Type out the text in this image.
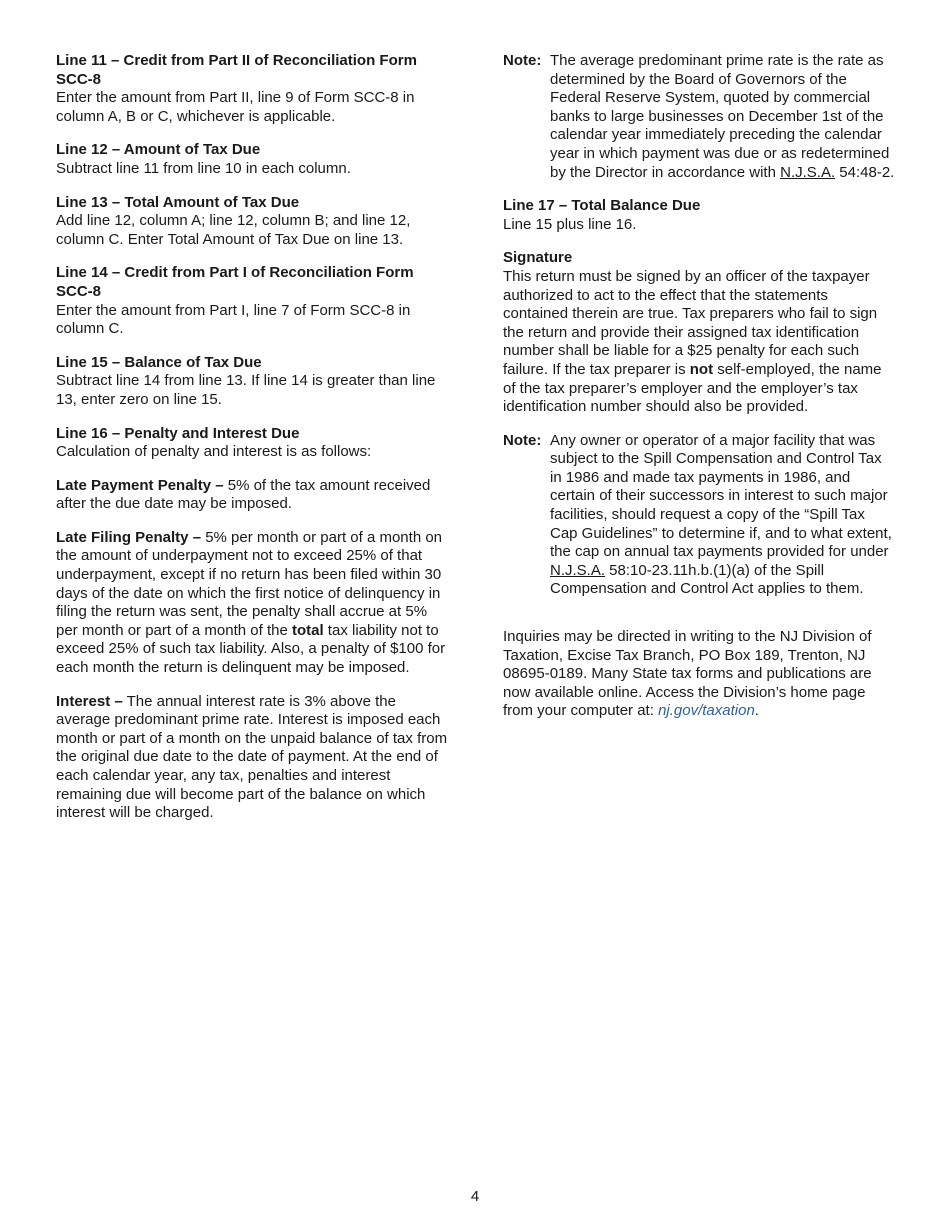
Line 11 – Credit from Part II of Reconciliation Form SCC-8

Enter the amount from Part II, line 9 of Form SCC-8 in column A, B or C, whichever is applicable.

Line 12 – Amount of Tax Due

Subtract line 11 from line 10 in each column.

Line 13 – Total Amount of Tax Due

Add line 12, column A; line 12, column B; and line 12, column C. Enter Total Amount of Tax Due on line 13.

Line 14 – Credit from Part I of Reconciliation Form SCC-8

Enter the amount from Part I, line 7 of Form SCC-8 in column C.

Line 15 – Balance of Tax Due

Subtract line 14 from line 13. If line 14 is greater than line 13, enter zero on line 15.

Line 16 – Penalty and Interest Due

Calculation of penalty and interest is as follows:

Late Payment Penalty – 5% of the tax amount received after the due date may be imposed.

Late Filing Penalty – 5% per month or part of a month on the amount of underpayment not to exceed 25% of that underpayment, except if no return has been filed within 30 days of the date on which the first notice of delinquency in filing the return was sent, the penalty shall accrue at 5% per month or part of a month of the total tax liability not to exceed 25% of such tax liability. Also, a penalty of $100 for each month the return is delinquent may be imposed.

Interest – The annual interest rate is 3% above the average predominant prime rate. Interest is imposed each month or part of a month on the unpaid balance of tax from the original due date to the date of payment. At the end of each calendar year, any tax, penalties and interest remaining due will become part of the balance on which interest will be charged.

Note: The average predominant prime rate is the rate as determined by the Board of Governors of the Federal Reserve System, quoted by commercial banks to large businesses on December 1st of the calendar year immediately preceding the calendar year in which payment was due or as redetermined by the Director in accordance with N.J.S.A. 54:48-2.
Line 17 – Total Balance Due

Line 15 plus line 16.

Signature

This return must be signed by an officer of the taxpayer authorized to act to the effect that the statements contained therein are true. Tax preparers who fail to sign the return and provide their assigned tax identification number shall be liable for a $25 penalty for each such failure. If the tax preparer is not self-employed, the name of the tax preparer’s employer and the employer’s tax identification number should also be provided.

Note: Any owner or operator of a major facility that was subject to the Spill Compensation and Control Tax in 1986 and made tax payments in 1986, and certain of their successors in interest to such major facilities, should request a copy of the “Spill Tax Cap Guidelines” to determine if, and to what extent, the cap on annual tax payments provided for under N.J.S.A. 58:10-23.11h.b.(1)(a) of the Spill Compensation and Control Act applies to them.

Inquiries may be directed in writing to the NJ Division of Taxation, Excise Tax Branch, PO Box 189, Trenton, NJ 08695-0189. Many State tax forms and publications are now available online. Access the Division’s home page from your computer at: nj.gov/taxation.

4
